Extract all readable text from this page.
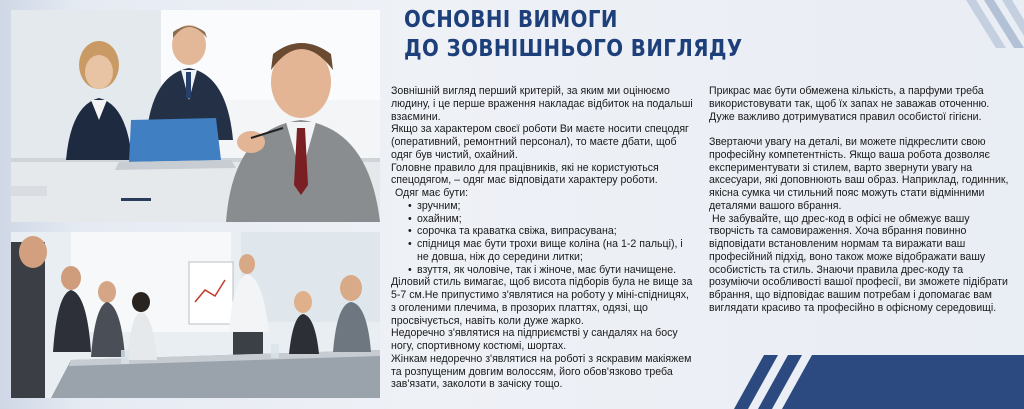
ОСНОВНІ ВИМОГИ
ДО ЗОВНІШНЬОГО ВИГЛЯДУ

Зовнішній вигляд перший критерій, за яким ми оцінюємо людину, і це перше враження накладає відбиток на подальші взаємини.

Якщо за характером своєї роботи Ви маєте носити спецодяг (оперативний, ремонтний персонал), то маєте дбати, щоб одяг був чистий, охайний.

Головне правило для працівників, які не користуються спецодягом, – одяг має відповідати характеру роботи.

Одяг має бути:

• зручним;
• охайним;
• сорочка та краватка свіжа, випрасувана;
• спідниця має бути трохи вище коліна (на 1-2 пальці), і не довша, ніж до середини литки;
• взуття, як чоловіче, так і жіноче, має бути начищене.

Діловий стиль вимагає, щоб висота підборів була не вище за 5-7 см.Не припустимо з'являтися на роботу у міні-спідницях, з оголеними плечима, в прозорих платтях, одязі, що просвічується, навіть коли дуже жарко.

Недоречно з'являтися на підприємстві у сандалях на босу ногу, спортивному костюмі, шортах.

Жінкам недоречно з'являтися на роботі з яскравим макіяжем та розпущеним довгим волоссям, його обов'язково треба зав'язати, заколоти в зачіску тощо.

Прикрас має бути обмежена кількість, а парфуми треба використовувати так, щоб їх запах не заважав оточенню. Дуже важливо дотримуватися правил особистої гігієни.

Звертаючи увагу на деталі, ви можете підкреслити свою професійну компетентність. Якщо ваша робота дозволяє експериментувати зі стилем, варто звернути увагу на аксесуари, які доповнюють ваш образ. Наприклад, годинник, якісна сумка чи стильний пояс можуть стати відмінними деталями вашого вбрання.

Не забувайте, що дрес-код в офісі не обмежує вашу творчість та самовираження. Хоча вбрання повинно відповідати встановленим нормам та виражати ваш професійний підхід, воно також може відображати вашу особистість та стиль. Знаючи правила дрес-коду та розуміючи особливості вашої професії, ви зможете підібрати вбрання, що відповідає вашим потребам і допомагає вам виглядати красиво та професійно в офісному середовищі.
